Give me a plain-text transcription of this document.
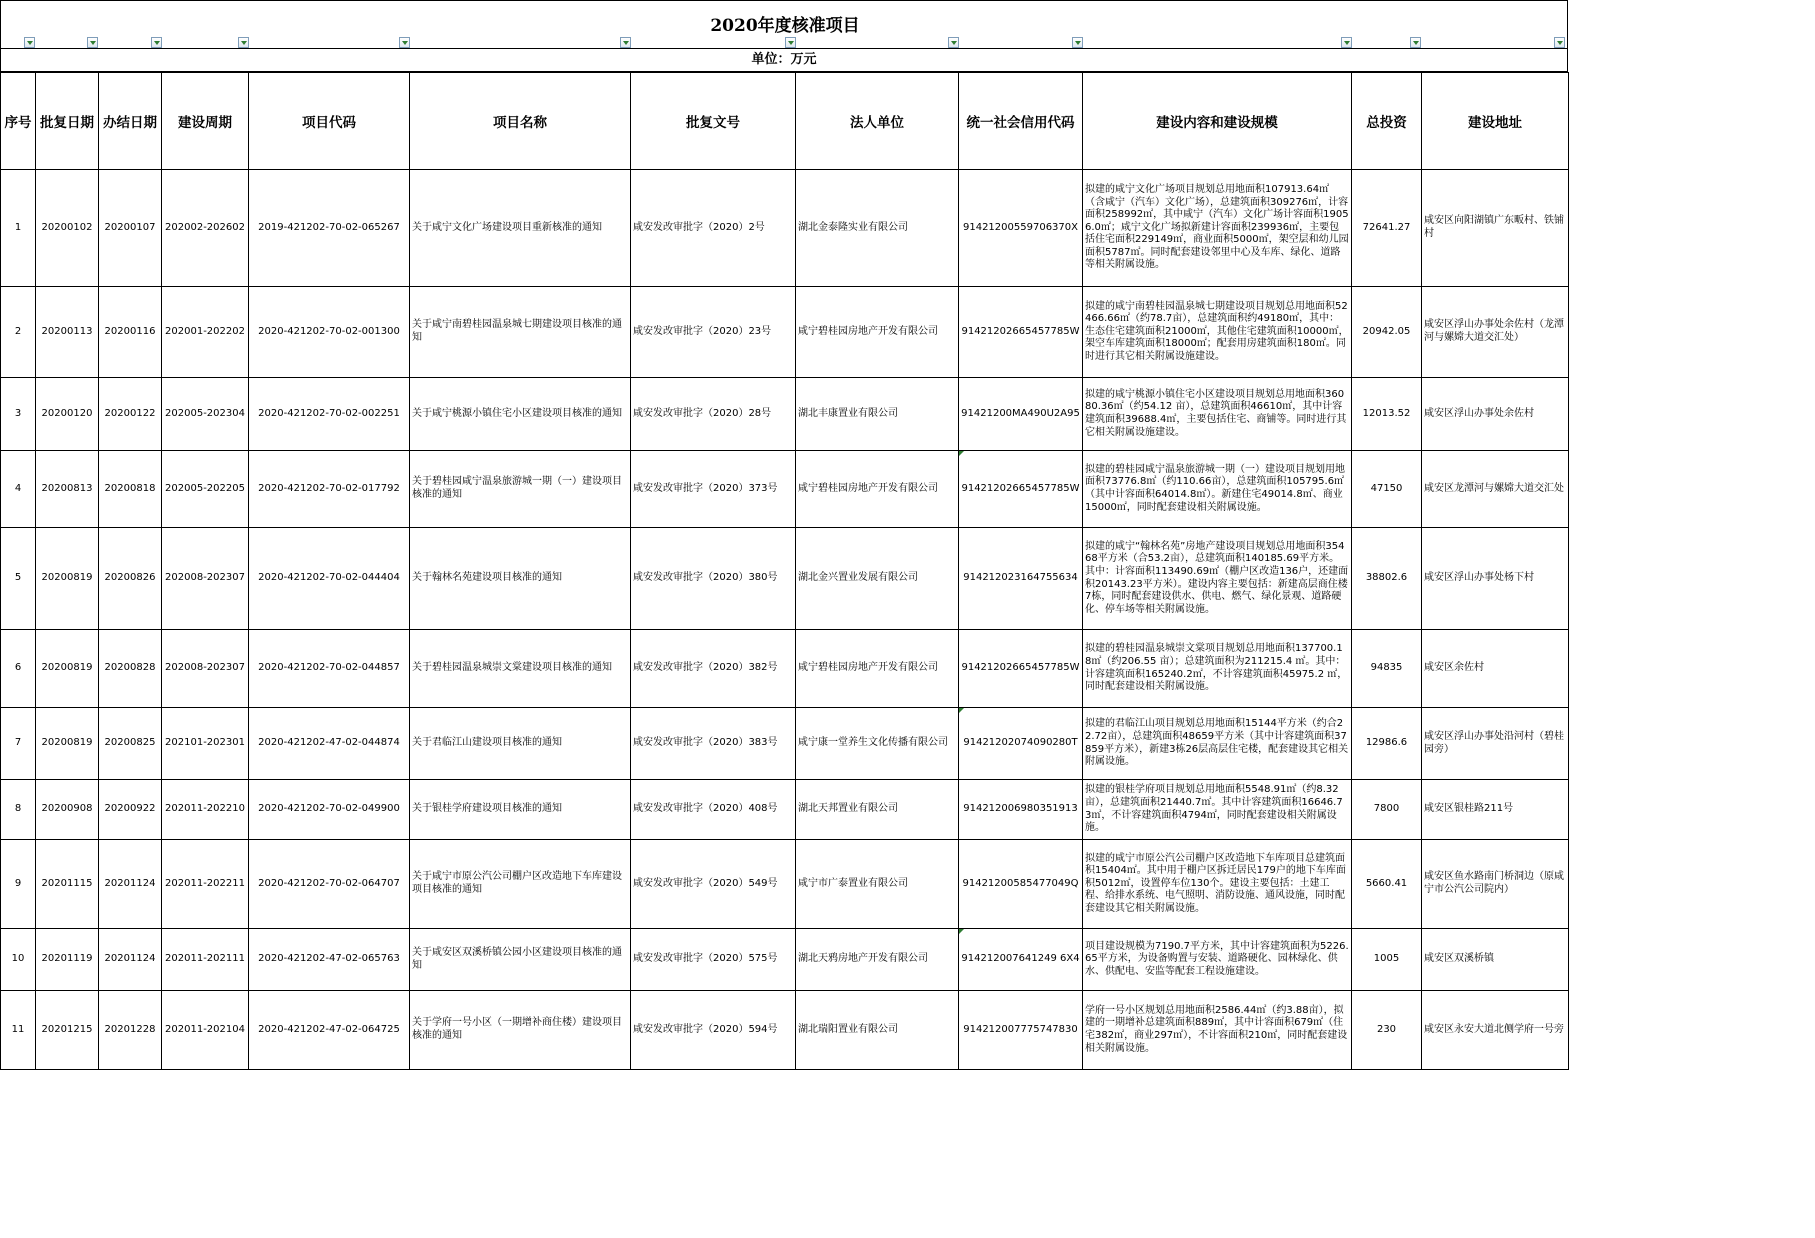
2020年度核准项目
单位：万元
序号	批复日期	办结日期	建设周期	项目代码	项目名称	批复文号	法人单位	统一社会信用代码	建设内容和建设规模	总投资	建设地址
1	20200102	20200107	202002-202602	2019-421202-70-02-065267	关于咸宁文化广场建设项目重新核准的通知	咸安发改审批字（2020）2号	湖北金泰隆实业有限公司	91421200559706370X	拟建的咸宁文化广场项目规划总用地面积107913.64㎡（含咸宁（汽车）文化广场），总建筑面积309276㎡，计容面积258992㎡，其中咸宁（汽车）文化广场计容面积19056.0㎡；咸宁文化广场拟新建计容面积239936㎡，主要包括住宅面积229149㎡，商业面积5000㎡，架空层和幼儿园面积5787㎡。同时配套建设邻里中心及车库、绿化、道路等相关附属设施。	72641.27	咸安区向阳湖镇广东畈村、铁铺村
2	20200113	20200116	202001-202202	2020-421202-70-02-001300	关于咸宁南碧桂园温泉城七期建设项目核准的通知	咸安发改审批字（2020）23号	咸宁碧桂园房地产开发有限公司	91421202665457785W	拟建的咸宁南碧桂园温泉城七期建设项目规划总用地面积52466.66㎡（约78.7亩），总建筑面积约49180㎡，其中：生态住宅建筑面积21000㎡，其他住宅建筑面积10000㎡，架空车库建筑面积18000㎡；配套用房建筑面积180㎡。同时进行其它相关附属设施建设。	20942.05	咸安区浮山办事处余佐村（龙潭河与嫘嫦大道交汇处）
3	20200120	20200122	202005-202304	2020-421202-70-02-002251	关于咸宁桃源小镇住宅小区建设项目核准的通知	咸安发改审批字（2020）28号	湖北丰康置业有限公司	91421200MA490U2A95	拟建的咸宁桃源小镇住宅小区建设项目规划总用地面积36080.36㎡（约54.12 亩），总建筑面积46610㎡，其中计容建筑面积39688.4㎡，主要包括住宅、商铺等。同时进行其它相关附属设施建设。	12013.52	咸安区浮山办事处余佐村
4	20200813	20200818	202005-202205	2020-421202-70-02-017792	关于碧桂园咸宁温泉旅游城一期（一）建设项目核准的通知	咸安发改审批字（2020）373号	咸宁碧桂园房地产开发有限公司	91421202665457785W	拟建的碧桂园咸宁温泉旅游城一期（一）建设项目规划用地面积73776.8㎡（约110.66亩），总建筑面积105795.6㎡（其中计容面积64014.8㎡）。新建住宅49014.8㎡、商业15000㎡，同时配套建设相关附属设施。	47150	咸安区龙潭河与嫘嫦大道交汇处
5	20200819	20200826	202008-202307	2020-421202-70-02-044404	关于翰林名苑建设项目核准的通知	咸安发改审批字（2020）380号	湖北金兴置业发展有限公司	914212023164755634	拟建的咸宁“翰林名苑”房地产建设项目规划总用地面积35468平方米（合53.2亩），总建筑面积140185.69平方米。其中：计容面积113490.69㎡（棚户区改造136户，还建面积20143.23平方米）。建设内容主要包括：新建高层商住楼7栋，同时配套建设供水、供电、燃气、绿化景观、道路硬化、停车场等相关附属设施。	38802.6	咸安区浮山办事处杨下村
6	20200819	20200828	202008-202307	2020-421202-70-02-044857	关于碧桂园温泉城崇文棠建设项目核准的通知	咸安发改审批字（2020）382号	咸宁碧桂园房地产开发有限公司	91421202665457785W	拟建的碧桂园温泉城崇文棠项目规划总用地面积137700.18㎡（约206.55 亩）；总建筑面积为211215.4 ㎡。其中：计容建筑面积165240.2㎡，不计容建筑面积45975.2 ㎡，同时配套建设相关附属设施。	94835	咸安区余佐村
7	20200819	20200825	202101-202301	2020-421202-47-02-044874	关于君临江山建设项目核准的通知	咸安发改审批字（2020）383号	咸宁康一堂养生文化传播有限公司	91421202074090280T	拟建的君临江山项目规划总用地面积15144平方米（约合22.72亩），总建筑面积48659平方米（其中计容建筑面积37859平方米），新建3栋26层高层住宅楼，配套建设其它相关附属设施。	12986.6	咸安区浮山办事处沿河村（碧桂园旁）
8	20200908	20200922	202011-202210	2020-421202-70-02-049900	关于银桂学府建设项目核准的通知	咸安发改审批字（2020）408号	湖北天邦置业有限公司	914212006980351913	拟建的银桂学府项目规划总用地面积5548.91㎡（约8.32亩），总建筑面积21440.7㎡。其中计容建筑面积16646.73㎡，不计容建筑面积4794㎡，同时配套建设相关附属设施。	7800	咸安区银桂路211号
9	20201115	20201124	202011-202211	2020-421202-70-02-064707	关于咸宁市原公汽公司棚户区改造地下车库建设项目核准的通知	咸安发改审批字（2020）549号	咸宁市广泰置业有限公司	91421200585477049Q	拟建的咸宁市原公汽公司棚户区改造地下车库项目总建筑面积15404㎡。其中用于棚户区拆迁居民179户的地下车库面积5012㎡，设置停车位130个。建设主要包括：土建工程、给排水系统、电气照明、消防设施、通风设施，同时配套建设其它相关附属设施。	5660.41	咸安区鱼水路南门桥洞边（原咸宁市公汽公司院内）
10	20201119	20201124	202011-202111	2020-421202-47-02-065763	关于咸安区双溪桥镇公园小区建设项目核准的通知	咸安发改审批字（2020）575号	湖北天鸦房地产开发有限公司	914212007641249 6X4	项目建设规模为7190.7平方米，其中计容建筑面积为5226.65平方米，为设备购置与安装、道路硬化、园林绿化、供水、供配电、安监等配套工程设施建设。	1005	咸安区双溪桥镇
11	20201215	20201228	202011-202104	2020-421202-47-02-064725	关于学府一号小区（一期增补商住楼）建设项目核准的通知	咸安发改审批字（2020）594号	湖北瑞阳置业有限公司	914212007775747830	学府一号小区规划总用地面积2586.44㎡（约3.88亩），拟建的一期增补总建筑面积889㎡，其中计容面积679㎡（住宅382㎡，商业297㎡），不计容面积210㎡，同时配套建设相关附属设施。	230	咸安区永安大道北侧学府一号旁
